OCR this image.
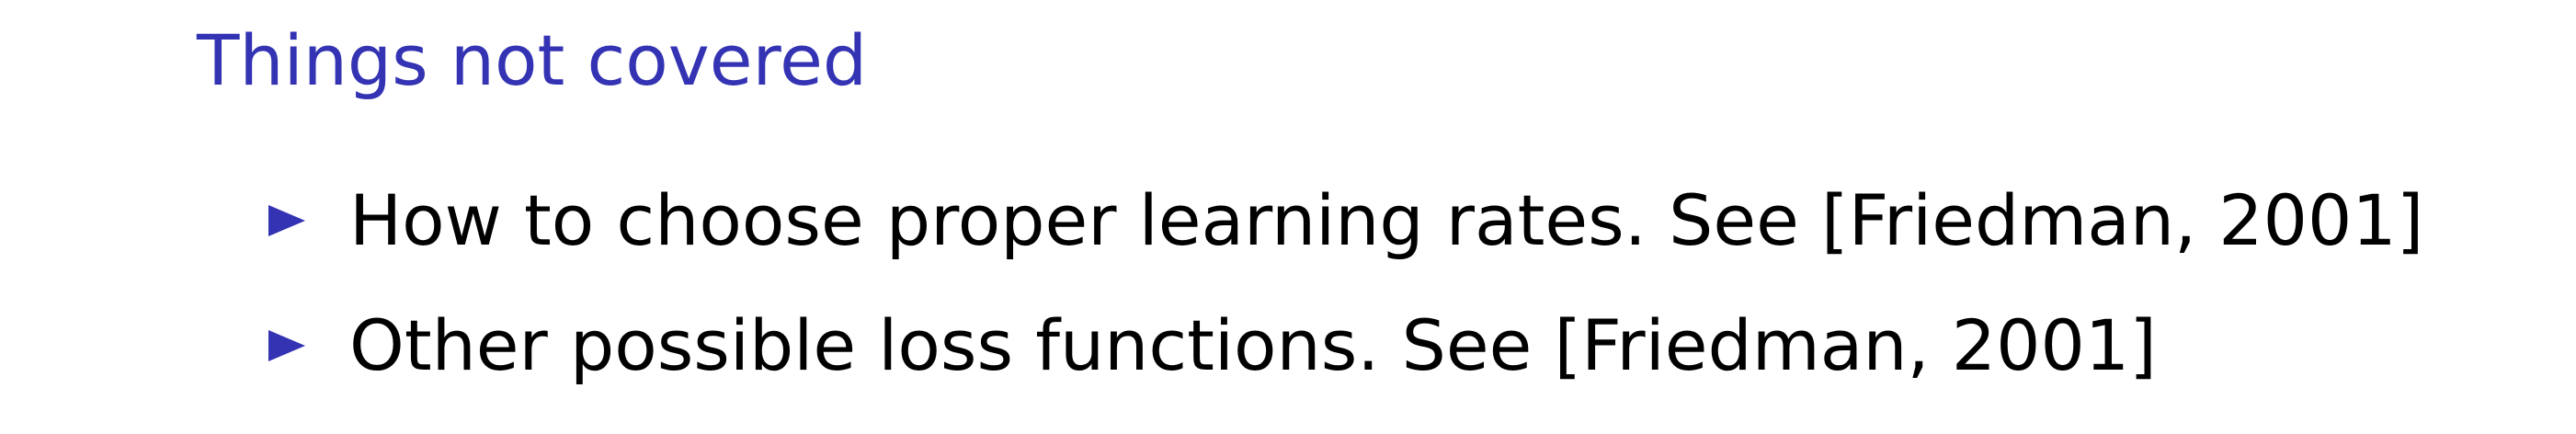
Things not covered
How to choose proper learning rates. See [Friedman, 2001]
Other possible loss functions. See [Friedman, 2001]
